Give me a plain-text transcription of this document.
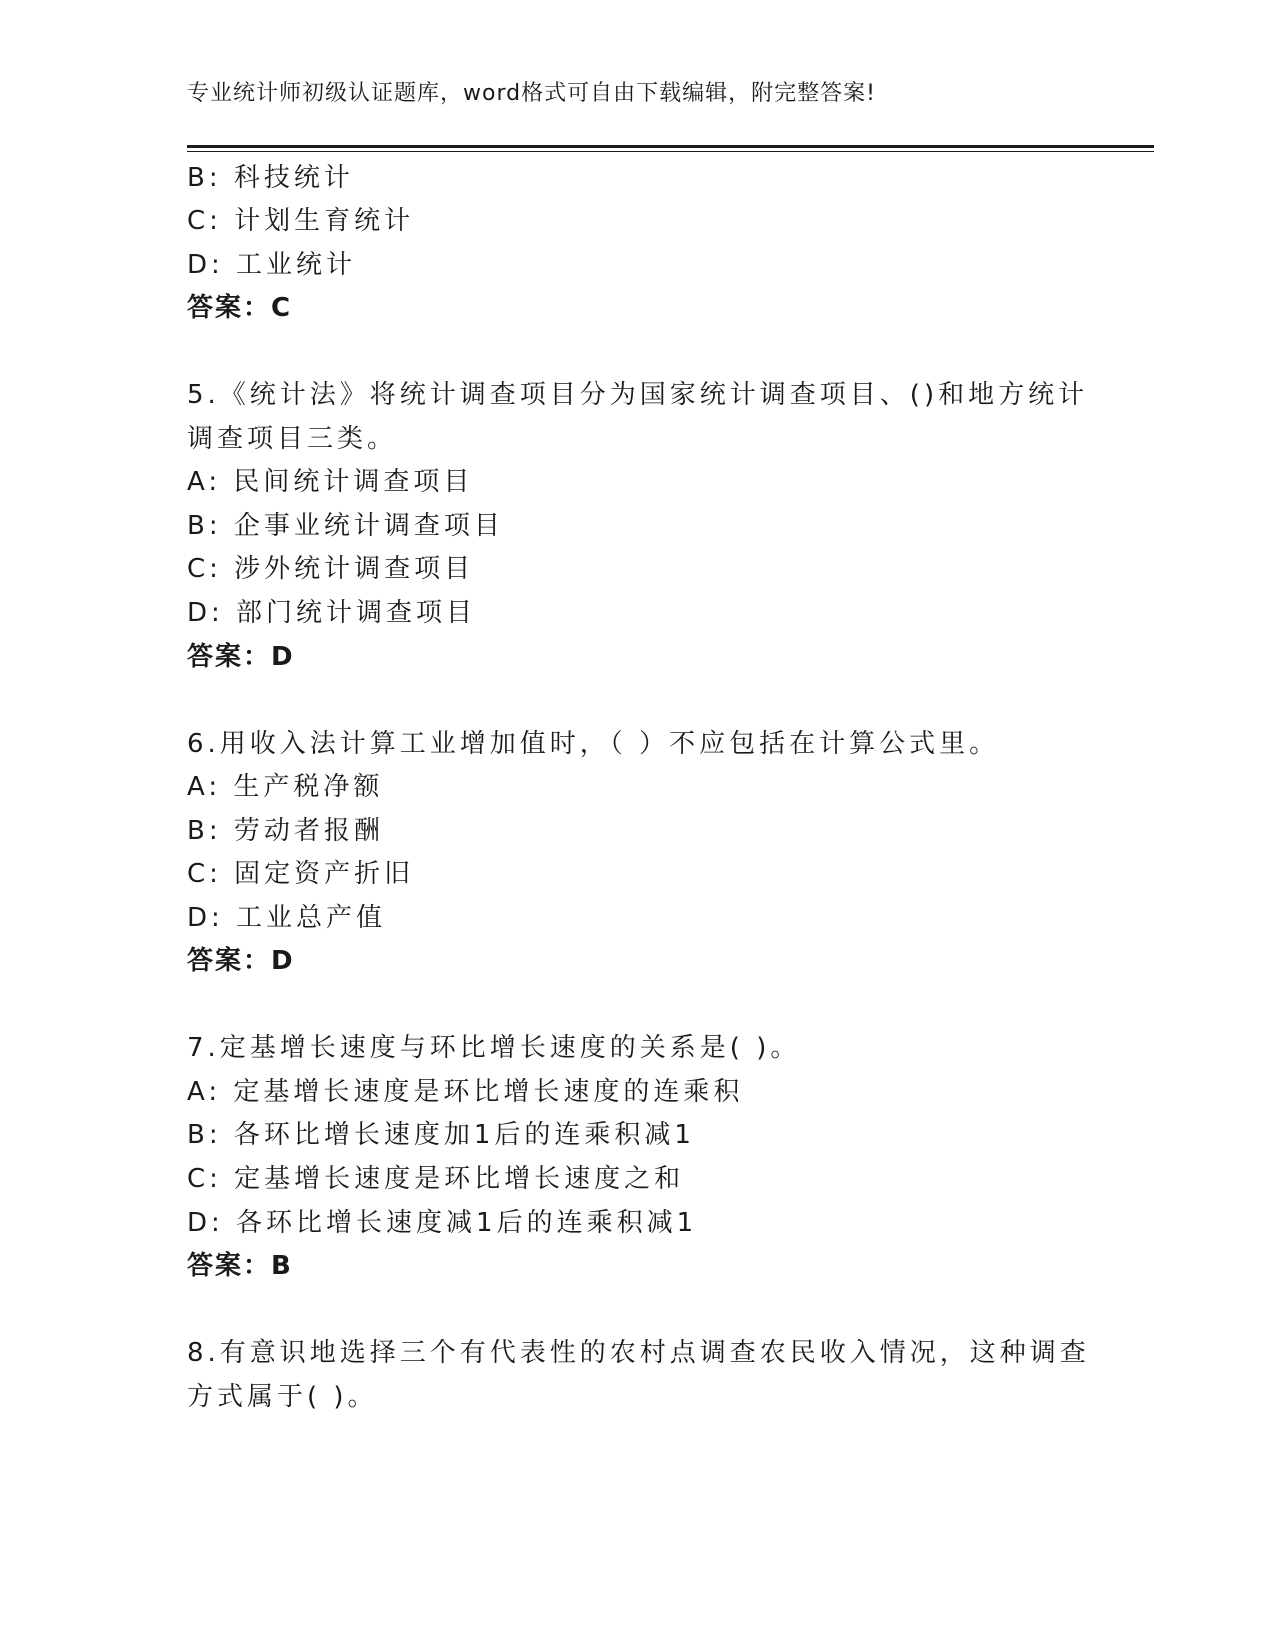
专业统计师初级认证题库，word格式可自由下载编辑，附完整答案!
B: 科技统计
C: 计划生育统计
D: 工业统计
答案：C
5.《统计法》将统计调查项目分为国家统计调查项目、()和地方统计
调查项目三类。
A: 民间统计调查项目
B: 企事业统计调查项目
C: 涉外统计调查项目
D: 部门统计调查项目
答案：D
6.用收入法计算工业增加值时，（ ）不应包括在计算公式里。
A: 生产税净额
B: 劳动者报酬
C: 固定资产折旧
D: 工业总产值
答案：D
7.定基增长速度与环比增长速度的关系是( )。
A: 定基增长速度是环比增长速度的连乘积
B: 各环比增长速度加1后的连乘积减1
C: 定基增长速度是环比增长速度之和
D: 各环比增长速度减1后的连乘积减1
答案：B
8.有意识地选择三个有代表性的农村点调查农民收入情况，这种调查
方式属于( )。
